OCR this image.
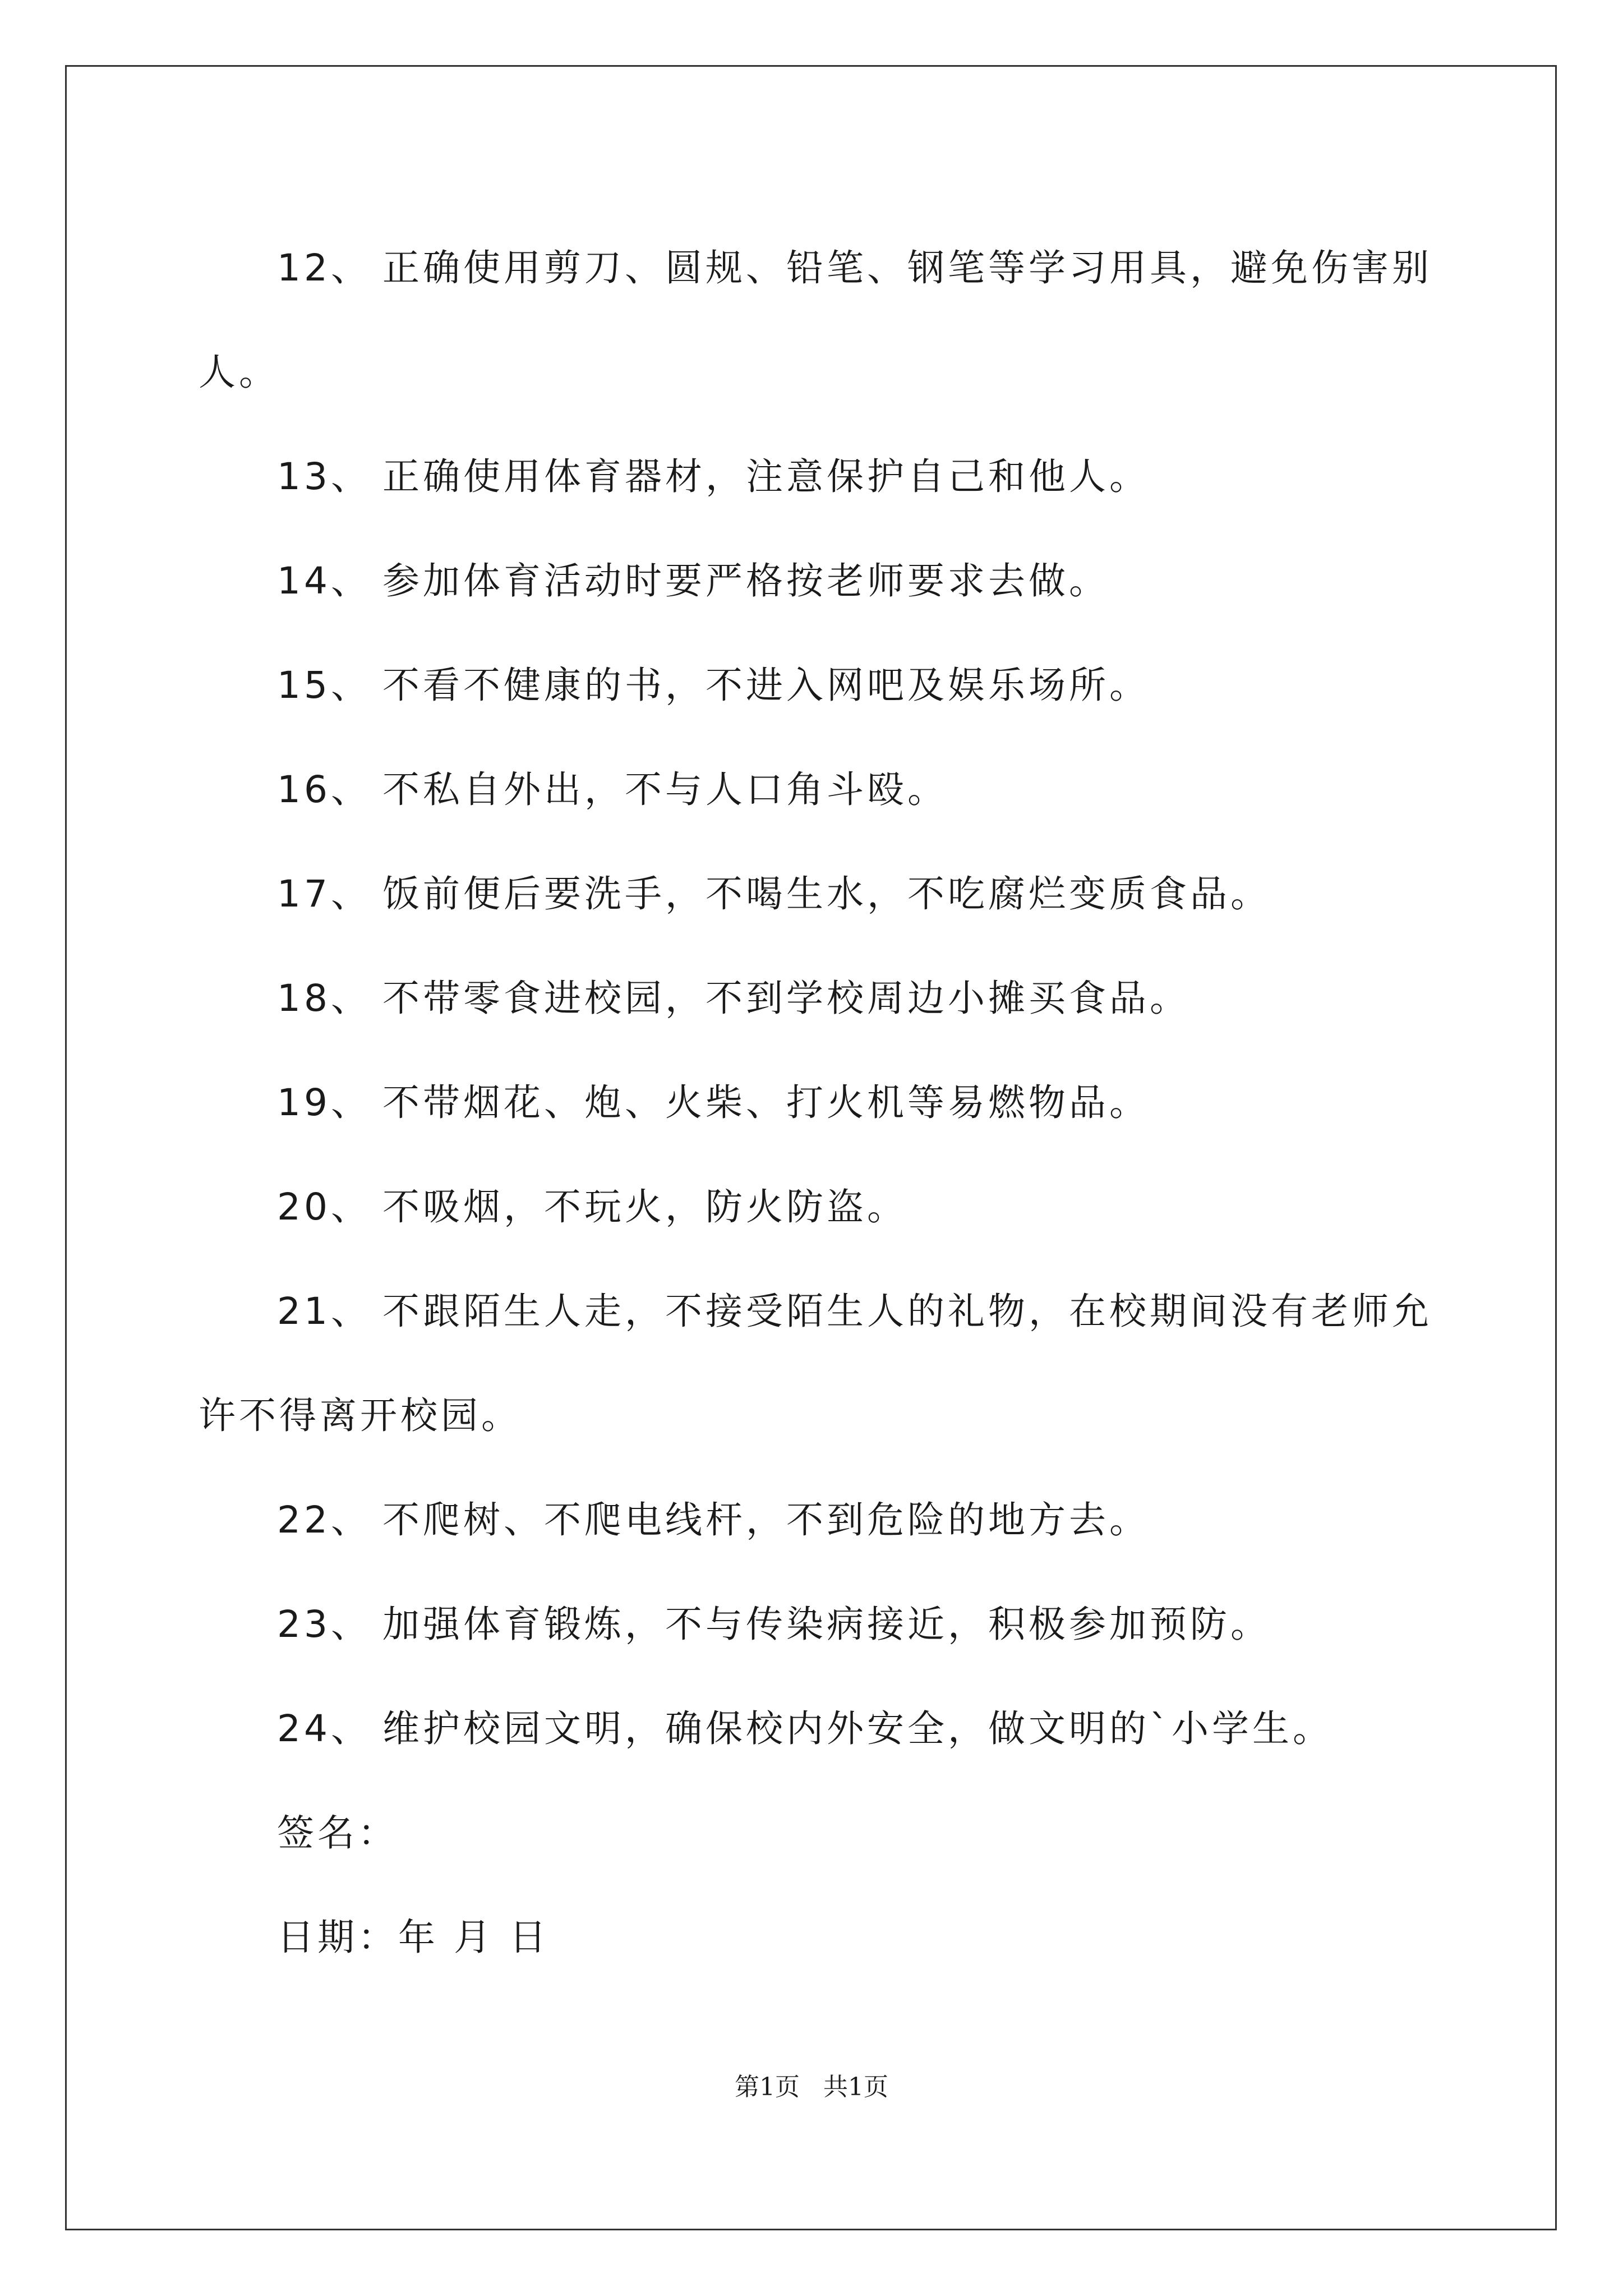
12、 正确使用剪刀、圆规、铅笔、钢笔等学习用具，避免伤害别人。

13、 正确使用体育器材，注意保护自己和他人。

14、 参加体育活动时要严格按老师要求去做。

15、 不看不健康的书，不进入网吧及娱乐场所。

16、 不私自外出，不与人口角斗殴。

17、 饭前便后要洗手，不喝生水，不吃腐烂变质食品。

18、 不带零食进校园，不到学校周边小摊买食品。

19、 不带烟花、炮、火柴、打火机等易燃物品。

20、 不吸烟，不玩火，防火防盗。

21、 不跟陌生人走，不接受陌生人的礼物，在校期间没有老师允许不得离开校园。

22、 不爬树、不爬电线杆，不到危险的地方去。

23、 加强体育锻炼，不与传染病接近，积极参加预防。

24、 维护校园文明，确保校内外安全，做文明的`小学生。

签名：

日期：年 月 日

第1页   共1页
